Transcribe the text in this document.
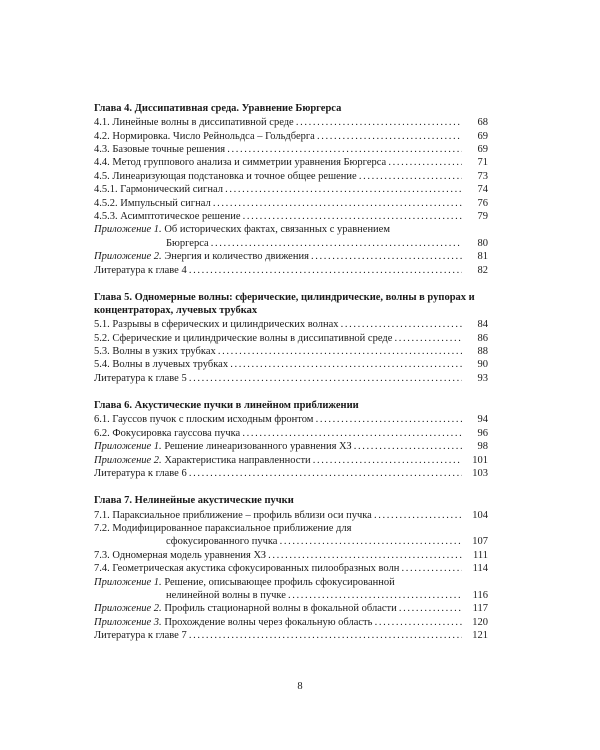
Глава 4. Диссипативная среда. Уравнение Бюргерса
4.1. Линейные волны в диссипативной среде . . .	68
4.2. Нормировка. Число Рейнольдса – Гольдберга . . .	69
4.3. Базовые точные решения . . .	69
4.4. Метод группового анализа и симметрии уравнения Бюргерса . . .	71
4.5. Линеаризующая подстановка и точное общее решение . . .	73
4.5.1. Гармонический сигнал . . .	74
4.5.2. Импульсный сигнал . . .	76
4.5.3. Асимптотическое решение . . .	79
Приложение 1. Об исторических фактах, связанных с уравнением
Бюргерса . . .	80
Приложение 2. Энергия и количество движения . . .	81
Литература к главе 4 . . .	82
Глава 5. Одномерные волны: сферические, цилиндрические, волны в рупорах и концентраторах, лучевых трубках
5.1. Разрывы в сферических и цилиндрических волнах . . .	84
5.2. Сферические и цилиндрические волны в диссипативной среде . . .	86
5.3. Волны в узких трубках . . .	88
5.4. Волны в лучевых трубках . . .	90
Литература к главе 5 . . .	93
Глава 6. Акустические пучки в линейном приближении
6.1. Гауссов пучок с плоским исходным фронтом . . .	94
6.2. Фокусировка гауссова пучка . . .	96
Приложение 1. Решение линеаризованного уравнения ХЗ . . .	98
Приложение 2. Характеристика направленности . . .	101
Литература к главе 6 . . .	103
Глава 7. Нелинейные акустические пучки
7.1. Параксиальное приближение – профиль вблизи оси пучка . . .	104
7.2. Модифицированное параксиальное приближение для
сфокусированного пучка . . .	107
7.3. Одномерная модель уравнения ХЗ . . .	111
7.4. Геометрическая акустика сфокусированных пилообразных волн . . .	114
Приложение 1. Решение, описывающее профиль сфокусированной
нелинейной волны в пучке . . .	116
Приложение 2. Профиль стационарной волны в фокальной области . . .	117
Приложение 3. Прохождение волны через фокальную область . . .	120
Литература к главе 7 . . .	121
8
